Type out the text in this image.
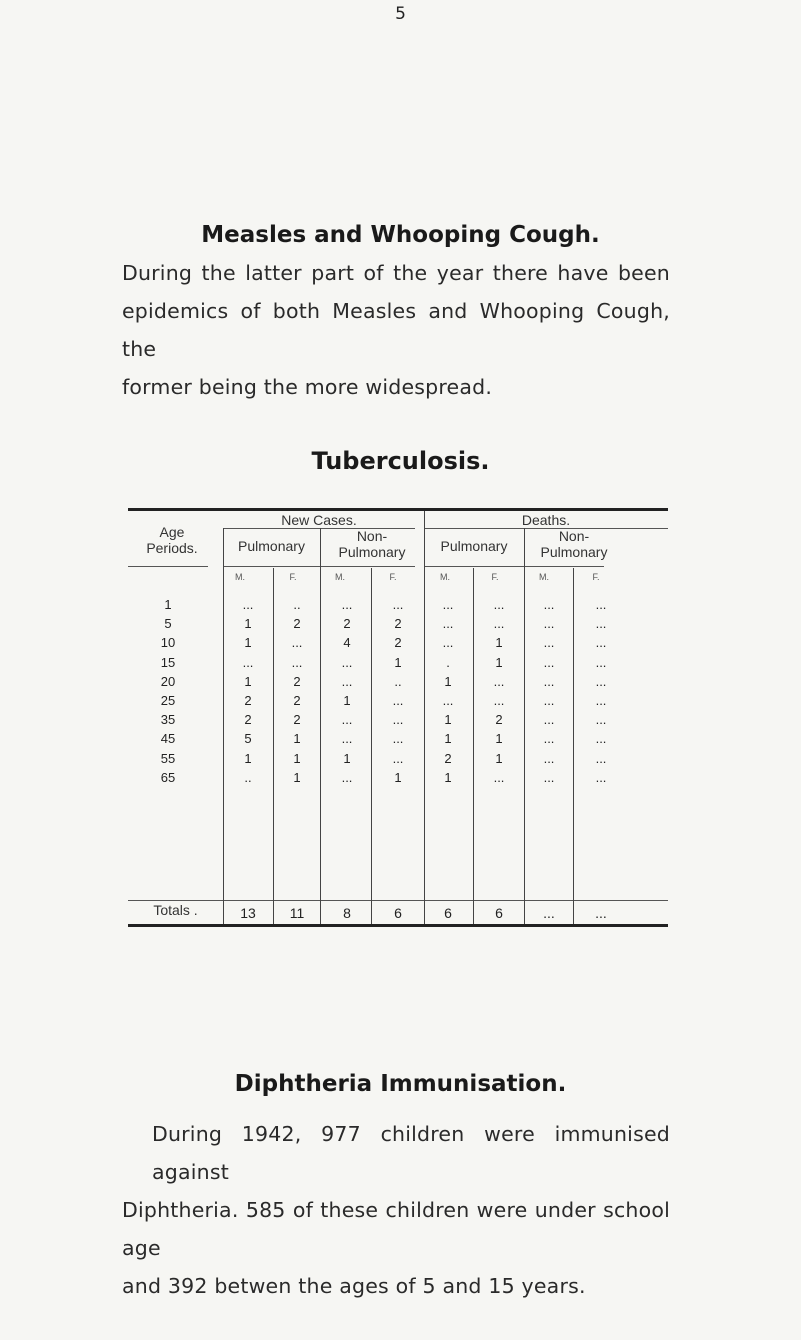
5
Measles and Whooping Cough.

During the latter part of the year there have been

epidemics of both Measles and Whooping Cough, the

former being the more widespread.

Tuberculosis.
Age
Periods.
New Cases.	Deaths.
Pulmonary
Non-
Pulmonary	Pulmonary
Non-
Pulmonary
M.	F.	M.	F.	M.	F.	M.	F.
1	...	..	...	...	...	...	...	...
5	1	2	2	2	...	...	...	...
10	1	...	4	2	...	1	...	...
15	...	...	...	1	.	1	...	...
20	1	2	...	..	1	...	...	...
25	2	2	1	...	...	...	...	...
35	2	2	...	...	1	2	...	...
45	5	1	...	...	1	1	...	...
55	1	1	1	...	2	1	...	...
65	..	1	...	1	1	...	...	...
Totals .	13	11	8	6	6	6	...	...
Diphtheria Immunisation.

During 1942, 977 children were immunised against

Diphtheria. 585 of these children were under school age

and 392 betwen the ages of 5 and 15 years.
